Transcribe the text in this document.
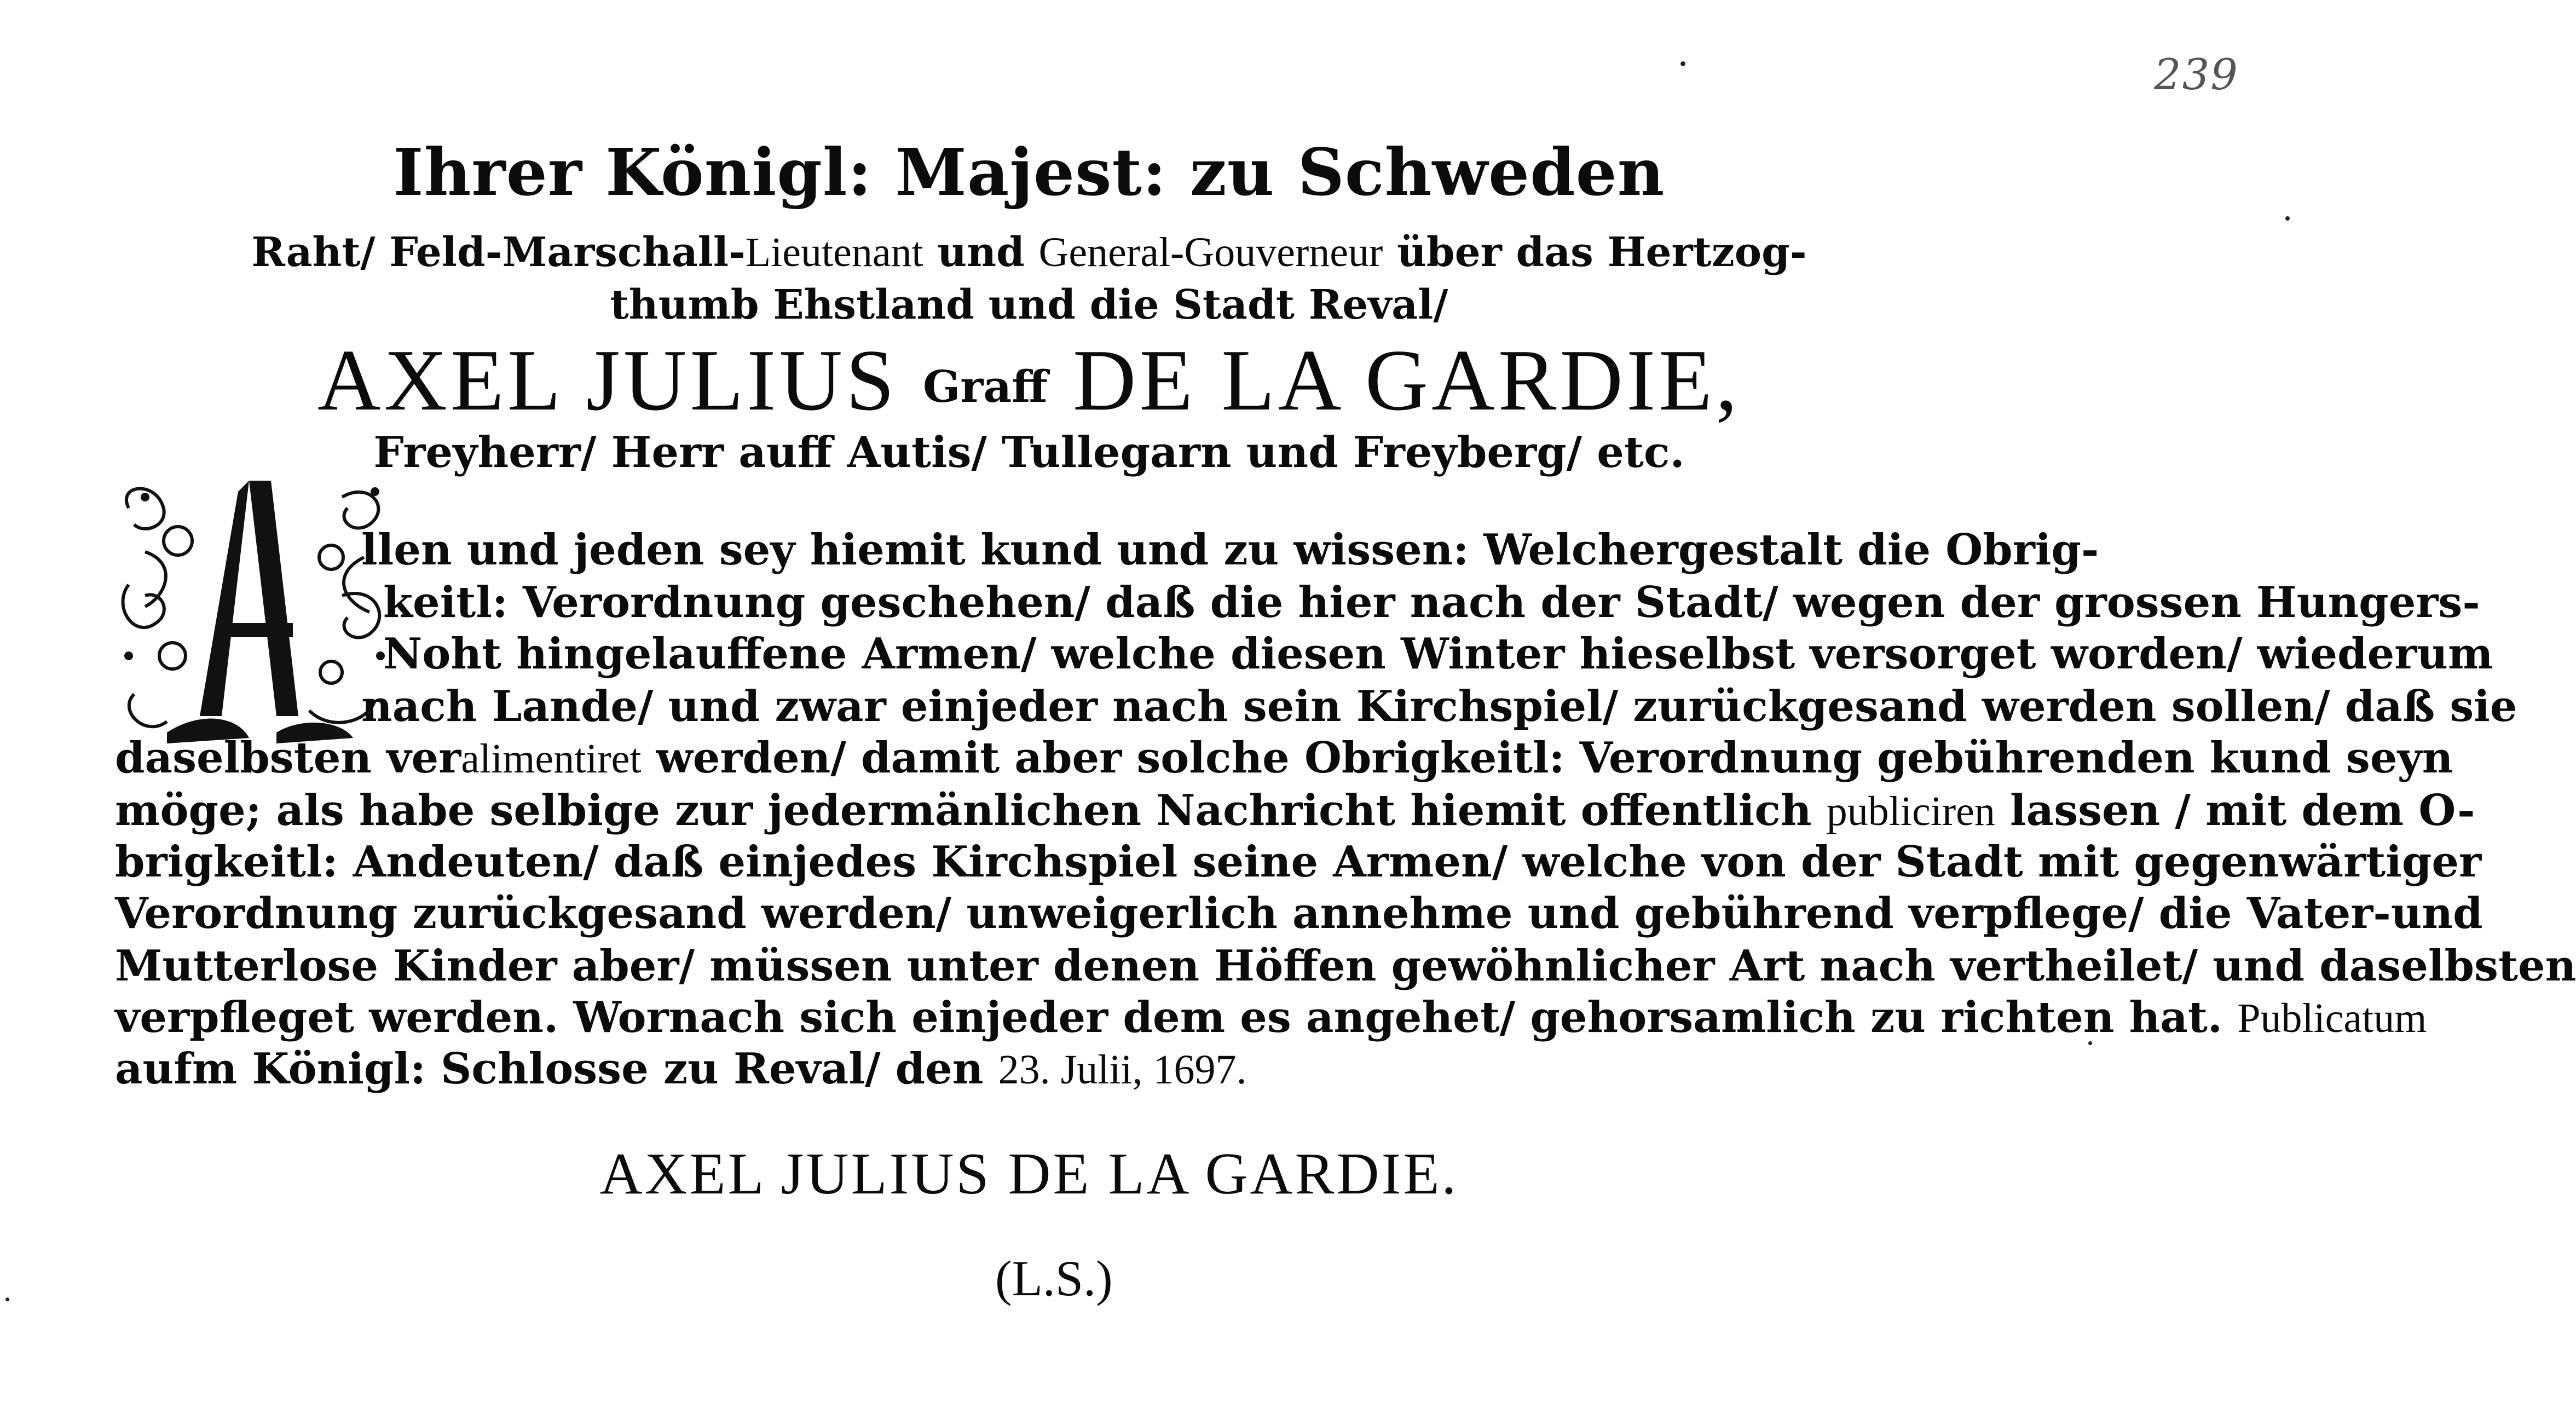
239
Ihrer Königl: Majest: zu Schweden
Raht/ Feld-Marschall-Lieutenant und General-Gouverneur über das Hertzog-
thumb Ehstland und die Stadt Reval/
AXEL JULIUS Graff DE LA GARDIE,
Freyherr/ Herr auff Autis/ Tullegarn und Freyberg/ etc.
llen und jeden sey hiemit kund und zu wissen: Welchergestalt die Obrig-
keitl: Verordnung geschehen/ daß die hier nach der Stadt/ wegen der grossen Hungers-
Noht hingelauffene Armen/ welche diesen Winter hieselbst versorget worden/ wiederum
nach Lande/ und zwar einjeder nach sein Kirchspiel/ zurückgesand werden sollen/ daß sie
daselbsten veralimentiret werden/ damit aber solche Obrigkeitl: Verordnung gebührenden kund seyn
möge; als habe selbige zur jedermänlichen Nachricht hiemit offentlich publiciren lassen / mit dem O-
brigkeitl: Andeuten/ daß einjedes Kirchspiel seine Armen/ welche von der Stadt mit gegenwärtiger
Verordnung zurückgesand werden/ unweigerlich annehme und gebührend verpflege/ die Vater-und
Mutterlose Kinder aber/ müssen unter denen Höffen gewöhnlicher Art nach vertheilet/ und daselbsten
verpfleget werden. Wornach sich einjeder dem es angehet/ gehorsamlich zu richten hat. Publicatum
aufm Königl: Schlosse zu Reval/ den 23. Julii, 1697.
AXEL JULIUS DE LA GARDIE.
(L.S.)
